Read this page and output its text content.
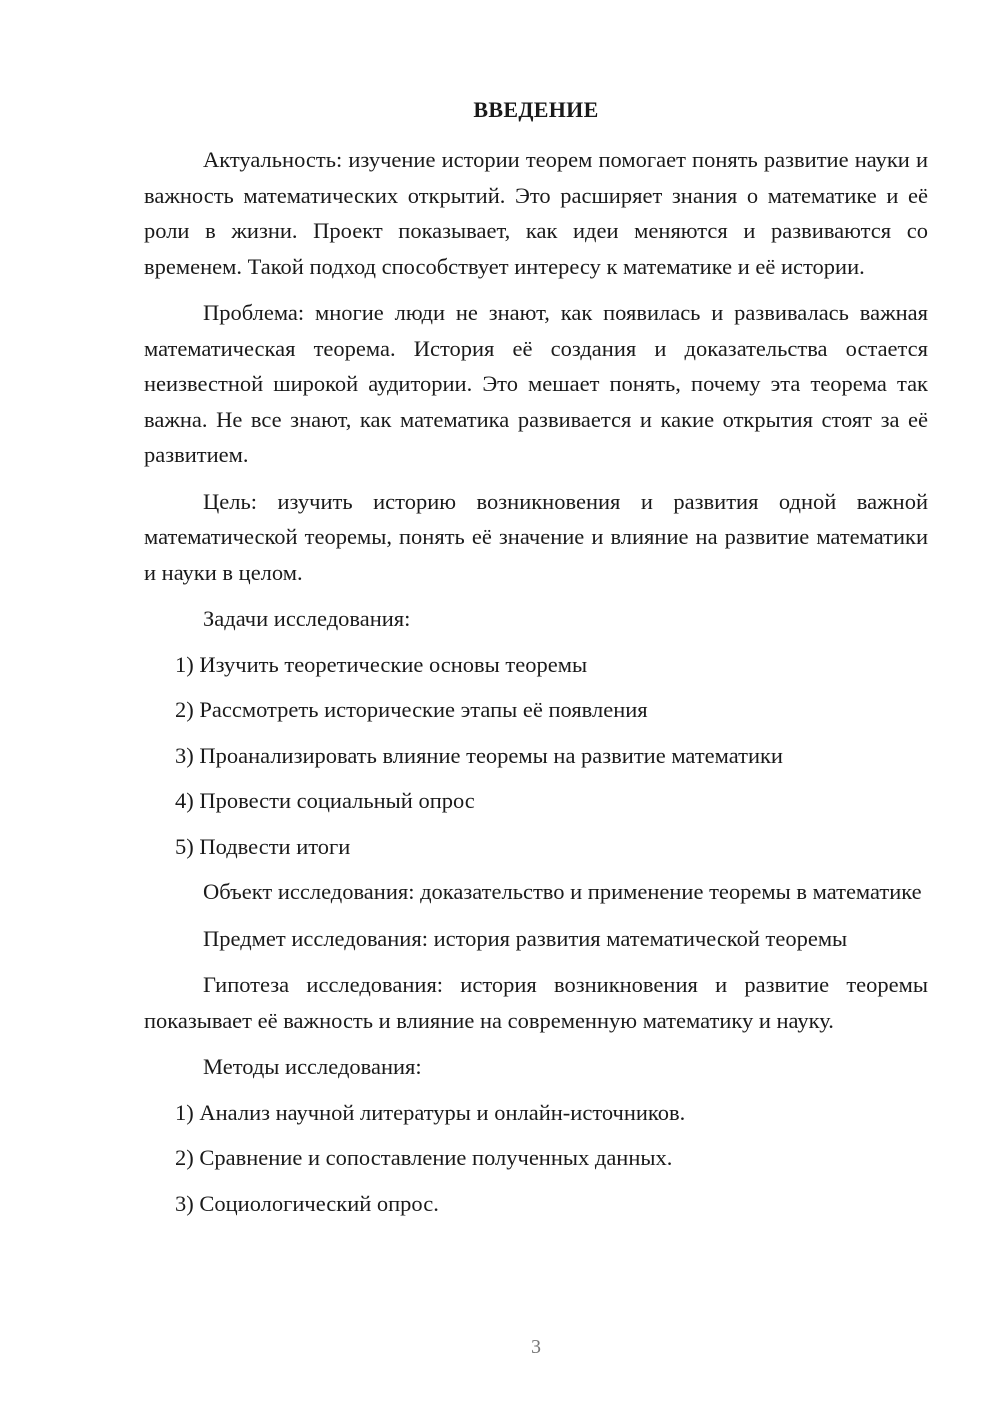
ВВЕДЕНИЕ

Актуальность: изучение истории теорем помогает понять развитие науки и важность математических открытий. Это расширяет знания о математике и её роли в жизни. Проект показывает, как идеи меняются и развиваются со временем. Такой подход способствует интересу к математике и её истории.

Проблема: многие люди не знают, как появилась и развивалась важная математическая теорема. История её создания и доказательства остается неизвестной широкой аудитории. Это мешает понять, почему эта теорема так важна. Не все знают, как математика развивается и какие открытия стоят за её развитием.

Цель: изучить историю возникновения и развития одной важной математической теоремы, понять её значение и влияние на развитие математики и науки в целом.

Задачи исследования:

1) Изучить теоретические основы теоремы
2) Рассмотреть исторические этапы её появления
3) Проанализировать влияние теоремы на развитие математики
4) Провести социальный опрос
5) Подвести итоги

Объект исследования: доказательство и применение теоремы в математике

Предмет исследования: история развития математической теоремы

Гипотеза исследования: история возникновения и развитие теоремы показывает её важность и влияние на современную математику и науку.

Методы исследования:

1) Анализ научной литературы и онлайн-источников.
2) Сравнение и сопоставление полученных данных.
3) Социологический опрос.
3
